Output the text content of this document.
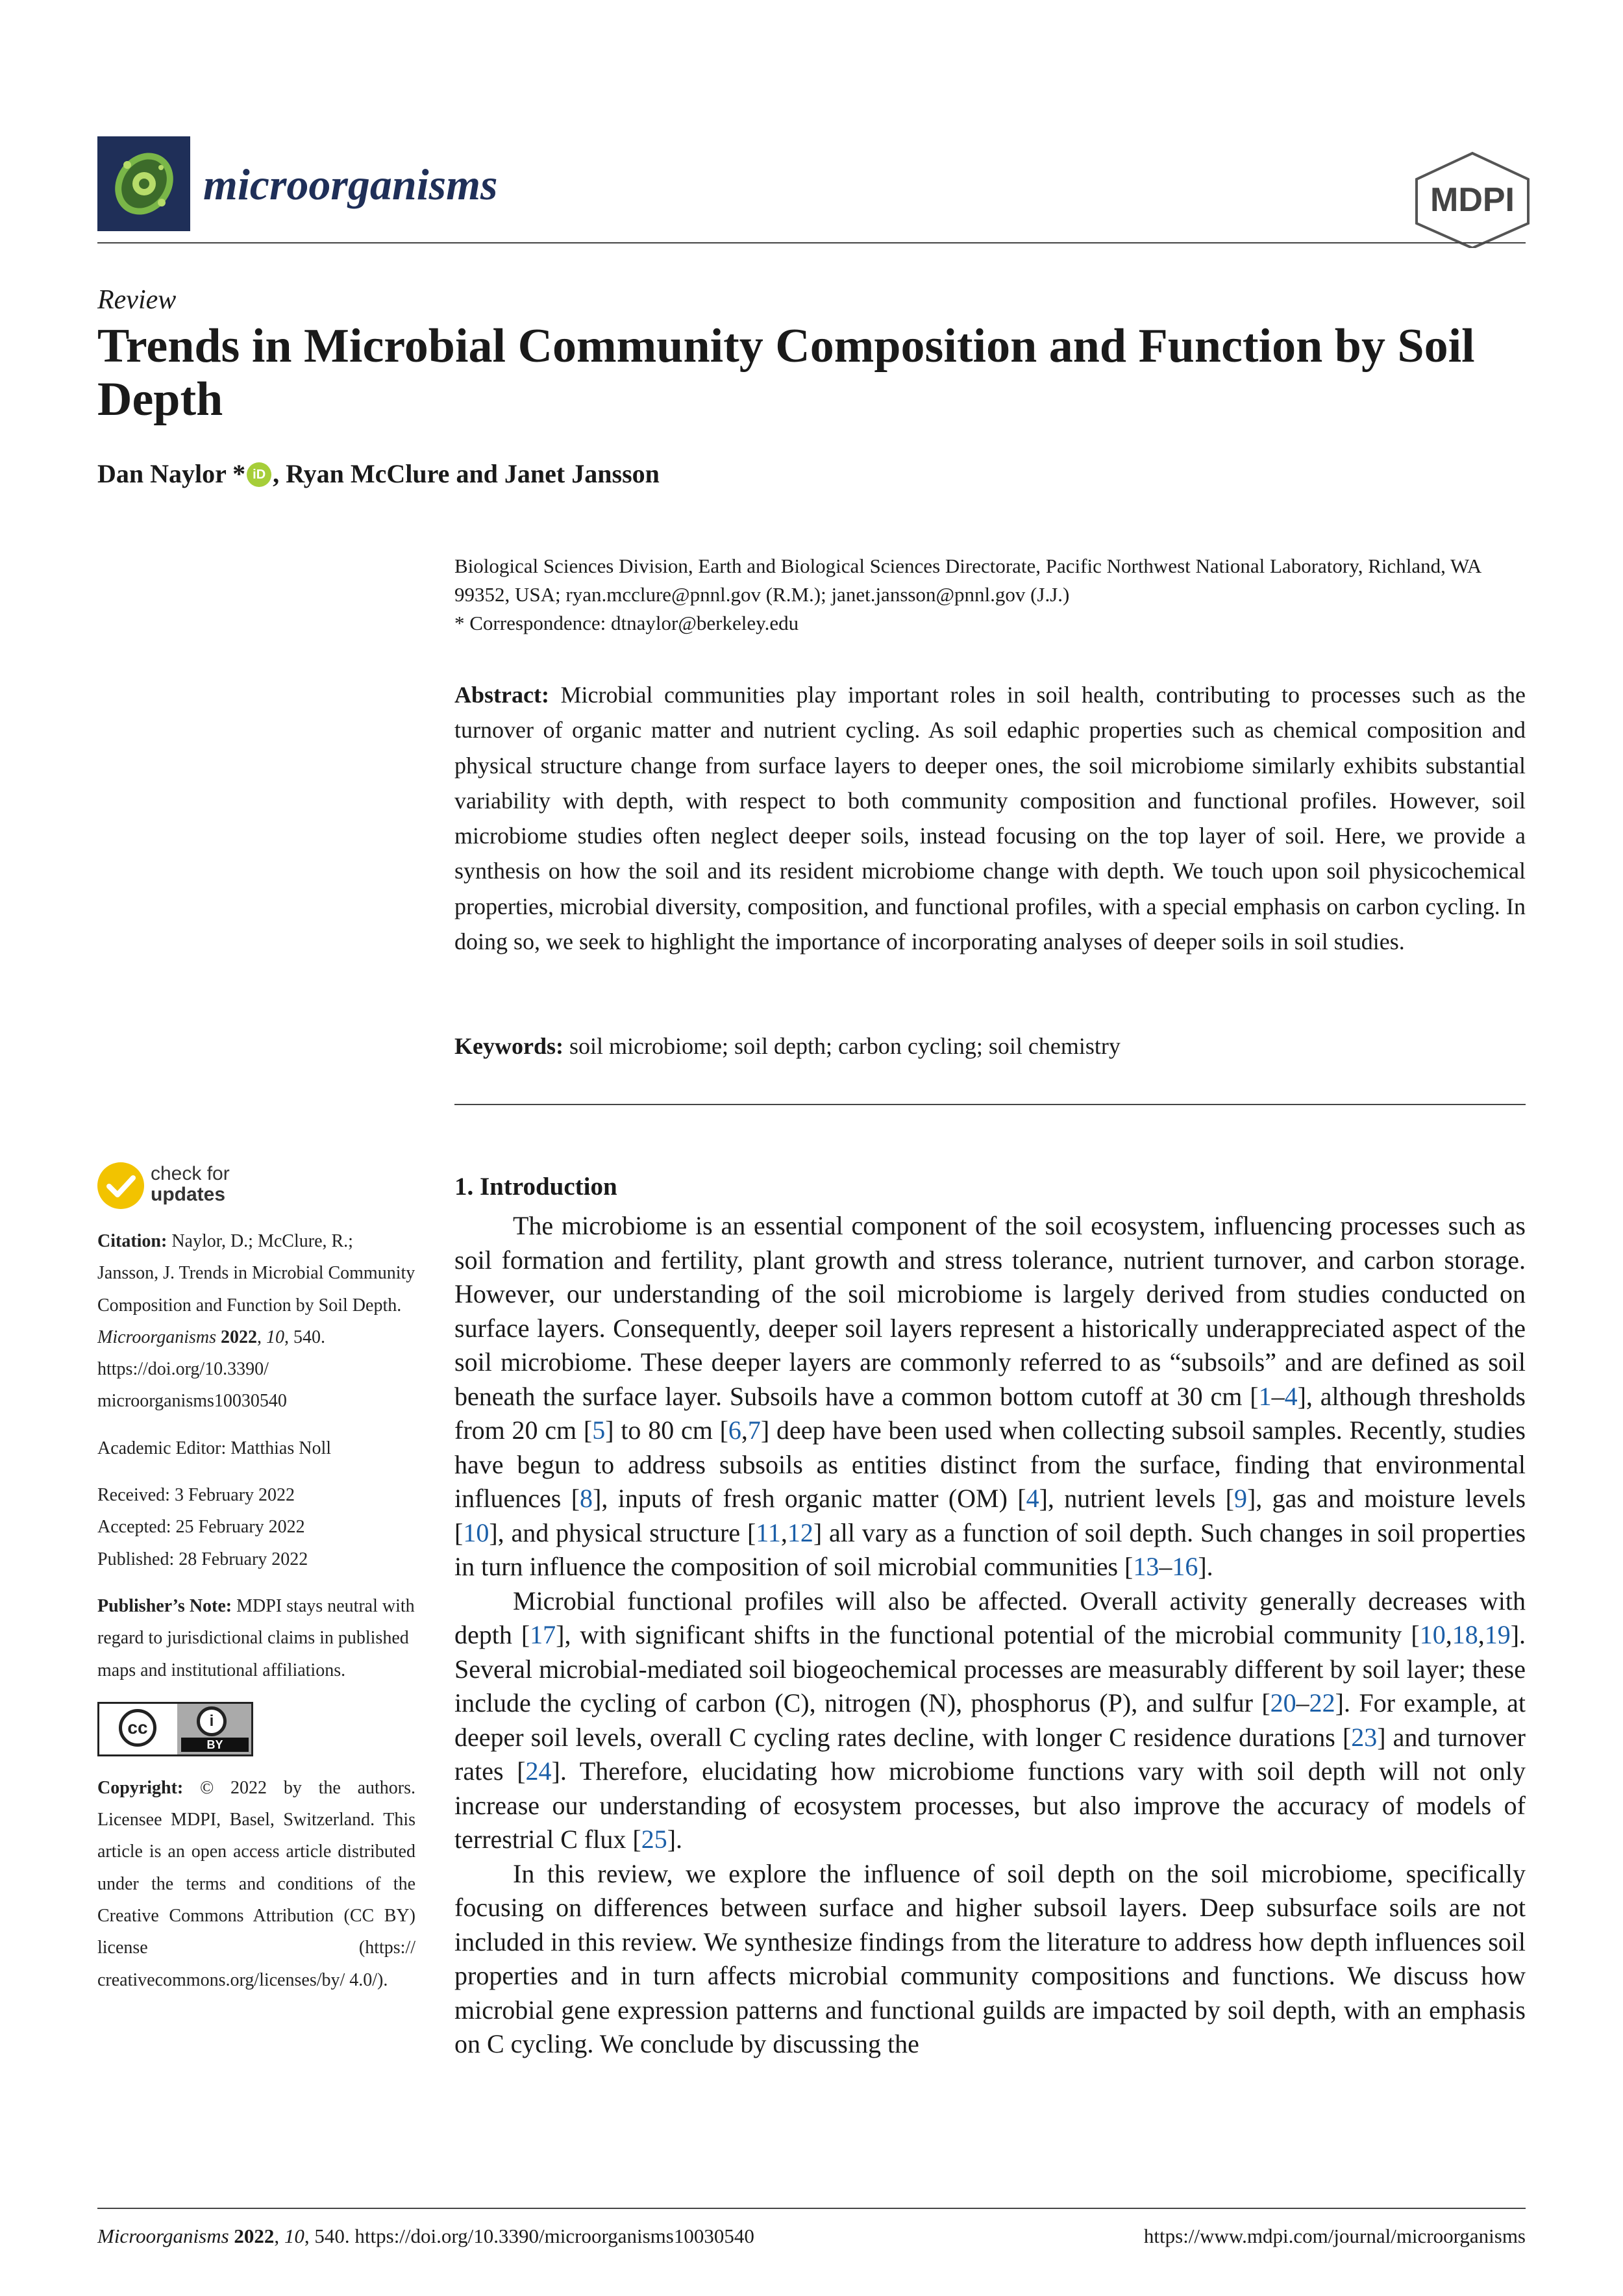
microorganisms	MDPI
Review
Trends in Microbial Community Composition and Function by Soil Depth
Dan Naylor * iD , Ryan McClure and Janet Jansson
Biological Sciences Division, Earth and Biological Sciences Directorate, Pacific Northwest National Laboratory, Richland, WA 99352, USA; ryan.mcclure@pnnl.gov (R.M.); janet.jansson@pnnl.gov (J.J.)
* Correspondence: dtnaylor@berkeley.edu
Abstract: Microbial communities play important roles in soil health, contributing to processes such as the turnover of organic matter and nutrient cycling. As soil edaphic properties such as chemical composition and physical structure change from surface layers to deeper ones, the soil microbiome similarly exhibits substantial variability with depth, with respect to both community composition and functional profiles. However, soil microbiome studies often neglect deeper soils, instead focusing on the top layer of soil. Here, we provide a synthesis on how the soil and its resident microbiome change with depth. We touch upon soil physicochemical properties, microbial diversity, composition, and functional profiles, with a special emphasis on carbon cycling. In doing so, we seek to highlight the importance of incorporating analyses of deeper soils in soil studies.
Keywords: soil microbiome; soil depth; carbon cycling; soil chemistry
check for
updates

Citation: Naylor, D.; McClure, R.; Jansson, J. Trends in Microbial Community Composition and Function by Soil Depth. Microorganisms 2022, 10, 540. https://doi.org/10.3390/ microorganisms10030540

Academic Editor: Matthias Noll

Received: 3 February 2022

Accepted: 25 February 2022

Published: 28 February 2022

Publisher’s Note: MDPI stays neutral with regard to jurisdictional claims in published maps and institutional affiliations.

cc	i
BY

Copyright: © 2022 by the authors. Licensee MDPI, Basel, Switzerland. This article is an open access article distributed under the terms and conditions of the Creative Commons Attribution (CC BY) license (https:// creativecommons.org/licenses/by/ 4.0/).

1. Introduction

The microbiome is an essential component of the soil ecosystem, influencing processes such as soil formation and fertility, plant growth and stress tolerance, nutrient turnover, and carbon storage. However, our understanding of the soil microbiome is largely derived from studies conducted on surface layers. Consequently, deeper soil layers represent a historically underappreciated aspect of the soil microbiome. These deeper layers are commonly referred to as “subsoils” and are defined as soil beneath the surface layer. Subsoils have a common bottom cutoff at 30 cm [1–4], although thresholds from 20 cm [5] to 80 cm [6,7] deep have been used when collecting subsoil samples. Recently, studies have begun to address subsoils as entities distinct from the surface, finding that environmental influences [8], inputs of fresh organic matter (OM) [4], nutrient levels [9], gas and moisture levels [10], and physical structure [11,12] all vary as a function of soil depth. Such changes in soil properties in turn influence the composition of soil microbial communities [13–16].

Microbial functional profiles will also be affected. Overall activity generally decreases with depth [17], with significant shifts in the functional potential of the microbial community [10,18,19]. Several microbial-mediated soil biogeochemical processes are measurably different by soil layer; these include the cycling of carbon (C), nitrogen (N), phosphorus (P), and sulfur [20–22]. For example, at deeper soil levels, overall C cycling rates decline, with longer C residence durations [23] and turnover rates [24]. Therefore, elucidating how microbiome functions vary with soil depth will not only increase our understanding of ecosystem processes, but also improve the accuracy of models of terrestrial C flux [25].

In this review, we explore the influence of soil depth on the soil microbiome, specifically focusing on differences between surface and higher subsoil layers. Deep subsurface soils are not included in this review. We synthesize findings from the literature to address how depth influences soil properties and in turn affects microbial community compositions and functions. We discuss how microbial gene expression patterns and functional guilds are impacted by soil depth, with an emphasis on C cycling. We conclude by discussing the

Microorganisms 2022, 10, 540. https://doi.org/10.3390/microorganisms10030540	https://www.mdpi.com/journal/microorganisms
